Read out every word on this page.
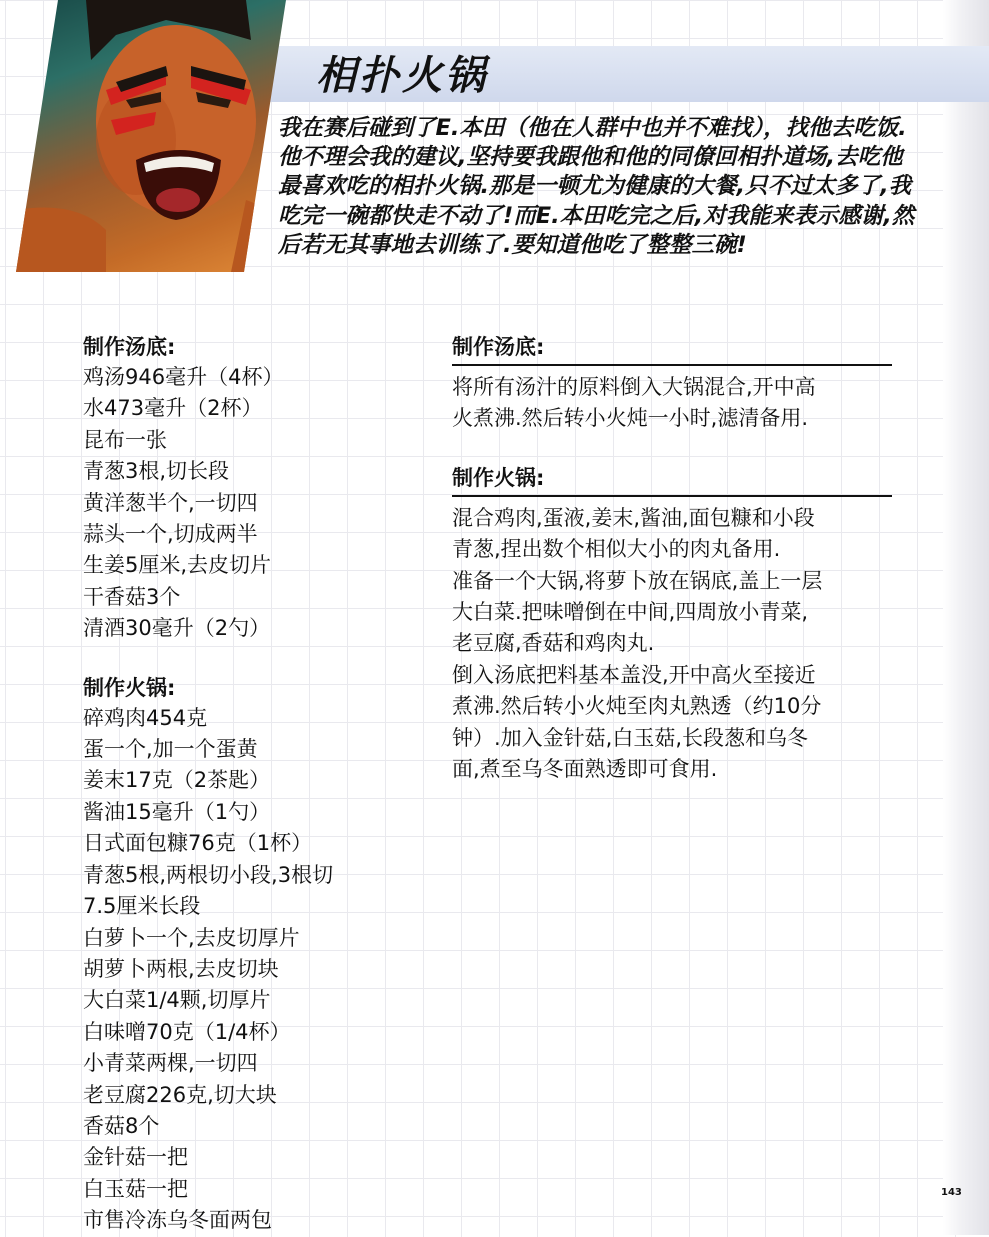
相扑火锅

我在赛后碰到了E.本田（他在人群中也并不难找），找他去吃饭.他不理会我的建议,坚持要我跟他和他的同僚回相扑道场,去吃他最喜欢吃的相扑火锅.那是一顿尤为健康的大餐,只不过太多了,我吃完一碗都快走不动了!而E.本田吃完之后,对我能来表示感谢,然后若无其事地去训练了.要知道他吃了整整三碗!

制作汤底:

鸡汤946毫升（4杯）

水473毫升（2杯）

昆布一张

青葱3根,切长段

黄洋葱半个,一切四

蒜头一个,切成两半

生姜5厘米,去皮切片

干香菇3个

清酒30毫升（2勺）

制作火锅:

碎鸡肉454克

蛋一个,加一个蛋黄

姜末17克（2茶匙）

酱油15毫升（1勺）

日式面包糠76克（1杯）

青葱5根,两根切小段,3根切

7.5厘米长段

白萝卜一个,去皮切厚片

胡萝卜两根,去皮切块

大白菜1/4颗,切厚片

白味噌70克（1/4杯）

小青菜两棵,一切四

老豆腐226克,切大块

香菇8个

金针菇一把

白玉菇一把

市售冷冻乌冬面两包

制作汤底:

将所有汤汁的原料倒入大锅混合,开中高

火煮沸.然后转小火炖一小时,滤清备用.

制作火锅:

混合鸡肉,蛋液,姜末,酱油,面包糠和小段

青葱,捏出数个相似大小的肉丸备用.

准备一个大锅,将萝卜放在锅底,盖上一层

大白菜.把味噌倒在中间,四周放小青菜,

老豆腐,香菇和鸡肉丸.

倒入汤底把料基本盖没,开中高火至接近

煮沸.然后转小火炖至肉丸熟透（约10分

钟）.加入金针菇,白玉菇,长段葱和乌冬

面,煮至乌冬面熟透即可食用.

143
